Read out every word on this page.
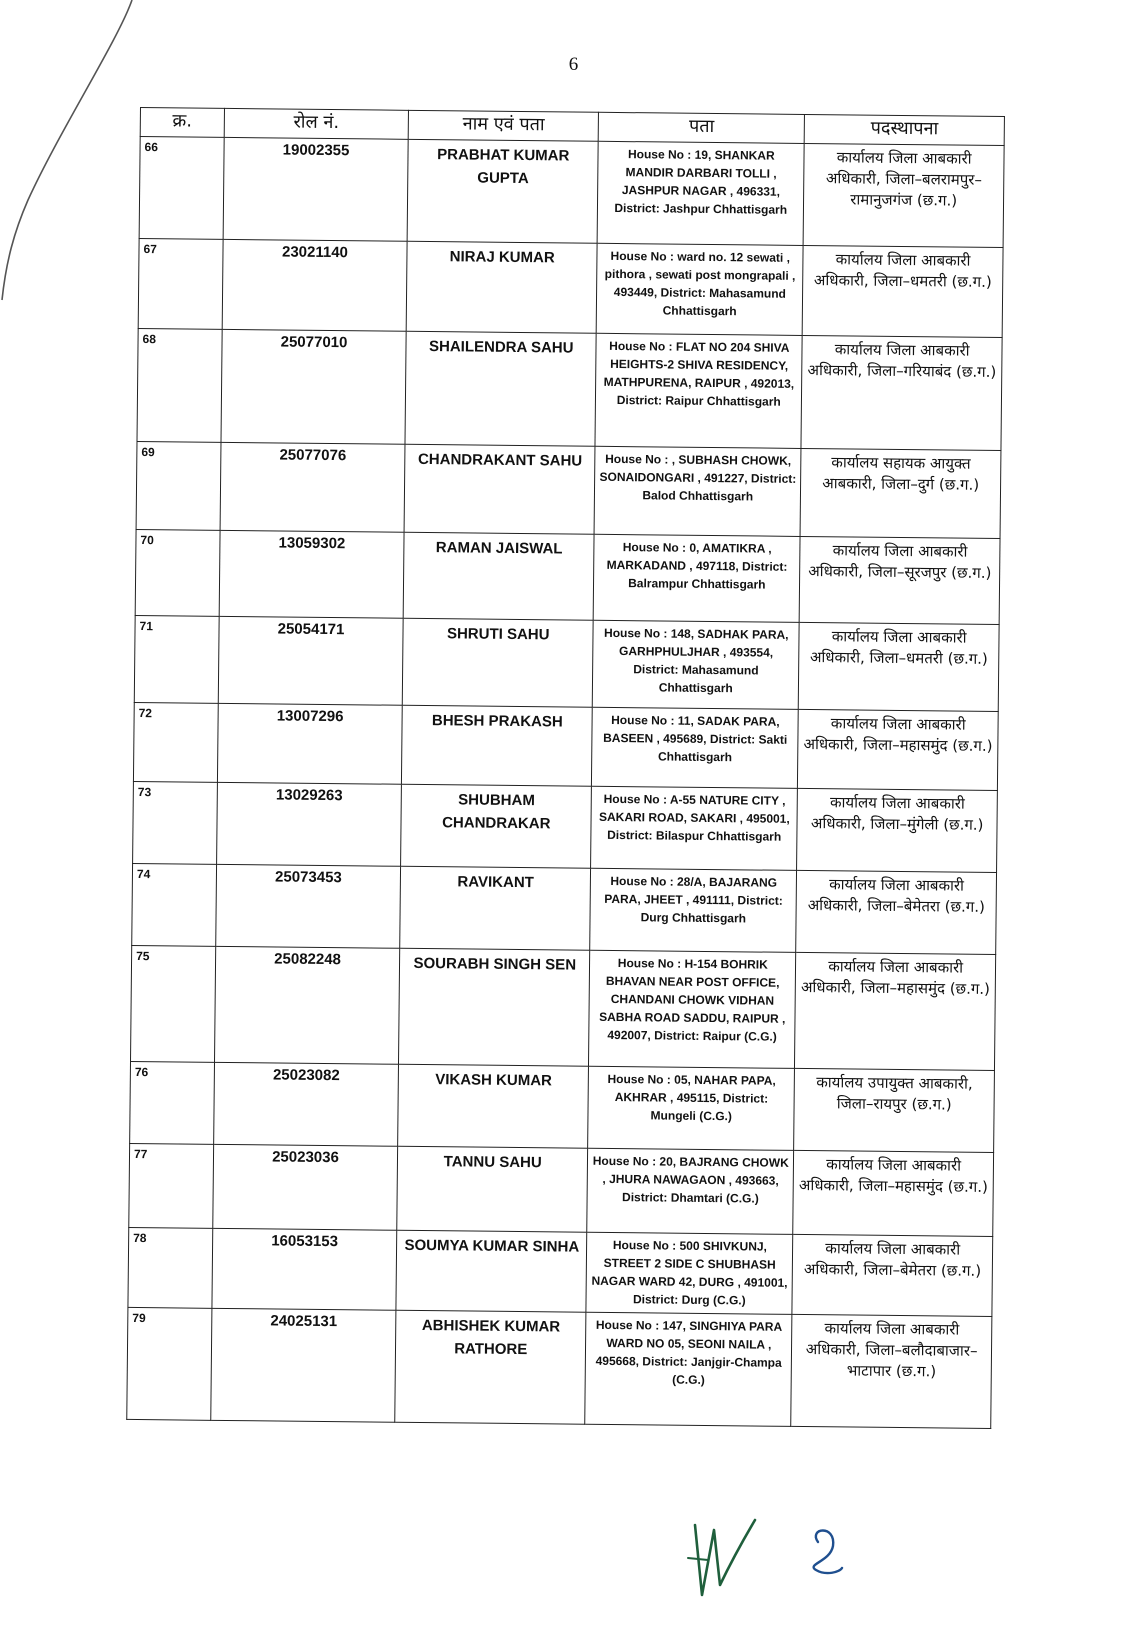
6
क्र.	रोल नं.	नाम एवं पता	पता	पदस्थापना
66	19002355	PRABHAT KUMAR GUPTA	House No : 19, SHANKAR MANDIR DARBARI TOLLI , JASHPUR NAGAR , 496331, District: Jashpur Chhattisgarh	कार्यालय जिला आबकारी अधिकारी, जिला–बलरामपुर–रामानुजगंज (छ.ग.)
67	23021140	NIRAJ KUMAR	House No : ward no. 12 sewati , pithora , sewati post mongrapali , 493449, District: Mahasamund Chhattisgarh	कार्यालय जिला आबकारी अधिकारी, जिला–धमतरी (छ.ग.)
68	25077010	SHAILENDRA SAHU	House No : FLAT NO 204 SHIVA HEIGHTS-2 SHIVA RESIDENCY, MATHPURENA, RAIPUR , 492013, District: Raipur Chhattisgarh	कार्यालय जिला आबकारी अधिकारी, जिला–गरियाबंद (छ.ग.)
69	25077076	CHANDRAKANT SAHU	House No : , SUBHASH CHOWK, SONAIDONGARI , 491227, District: Balod Chhattisgarh	कार्यालय सहायक आयुक्त आबकारी, जिला–दुर्ग (छ.ग.)
70	13059302	RAMAN JAISWAL	House No : 0, AMATIKRA , MARKADAND , 497118, District: Balrampur Chhattisgarh	कार्यालय जिला आबकारी अधिकारी, जिला–सूरजपुर (छ.ग.)
71	25054171	SHRUTI SAHU	House No : 148, SADHAK PARA, GARHPHULJHAR , 493554, District: Mahasamund Chhattisgarh	कार्यालय जिला आबकारी अधिकारी, जिला–धमतरी (छ.ग.)
72	13007296	BHESH PRAKASH	House No : 11, SADAK PARA, BASEEN , 495689, District: Sakti Chhattisgarh	कार्यालय जिला आबकारी अधिकारी, जिला–महासमुंद (छ.ग.)
73	13029263	SHUBHAM CHANDRAKAR	House No : A-55 NATURE CITY , SAKARI ROAD, SAKARI , 495001, District: Bilaspur Chhattisgarh	कार्यालय जिला आबकारी अधिकारी, जिला–मुंगेली (छ.ग.)
74	25073453	RAVIKANT	House No : 28/A, BAJARANG PARA, JHEET , 491111, District: Durg Chhattisgarh	कार्यालय जिला आबकारी अधिकारी, जिला–बेमेतरा (छ.ग.)
75	25082248	SOURABH SINGH SEN	House No : H-154 BOHRIK BHAVAN NEAR POST OFFICE, CHANDANI CHOWK VIDHAN SABHA ROAD SADDU, RAIPUR , 492007, District: Raipur (C.G.)	कार्यालय जिला आबकारी अधिकारी, जिला–महासमुंद (छ.ग.)
76	25023082	VIKASH KUMAR	House No : 05, NAHAR PAPA, AKHRAR , 495115, District: Mungeli (C.G.)	कार्यालय उपायुक्त आबकारी, जिला–रायपुर (छ.ग.)
77	25023036	TANNU SAHU	House No : 20, BAJRANG CHOWK , JHURA NAWAGAON , 493663, District: Dhamtari (C.G.)	कार्यालय जिला आबकारी अधिकारी, जिला–महासमुंद (छ.ग.)
78	16053153	SOUMYA KUMAR SINHA	House No : 500 SHIVKUNJ, STREET 2 SIDE C SHUBHASH NAGAR WARD 42, DURG , 491001, District: Durg (C.G.)	कार्यालय जिला आबकारी अधिकारी, जिला–बेमेतरा (छ.ग.)
79	24025131	ABHISHEK KUMAR RATHORE	House No : 147, SINGHIYA PARA WARD NO 05, SEONI NAILA , 495668, District: Janjgir-Champa (C.G.)	कार्यालय जिला आबकारी अधिकारी, जिला–बलौदाबाजार–भाटापार (छ.ग.)
